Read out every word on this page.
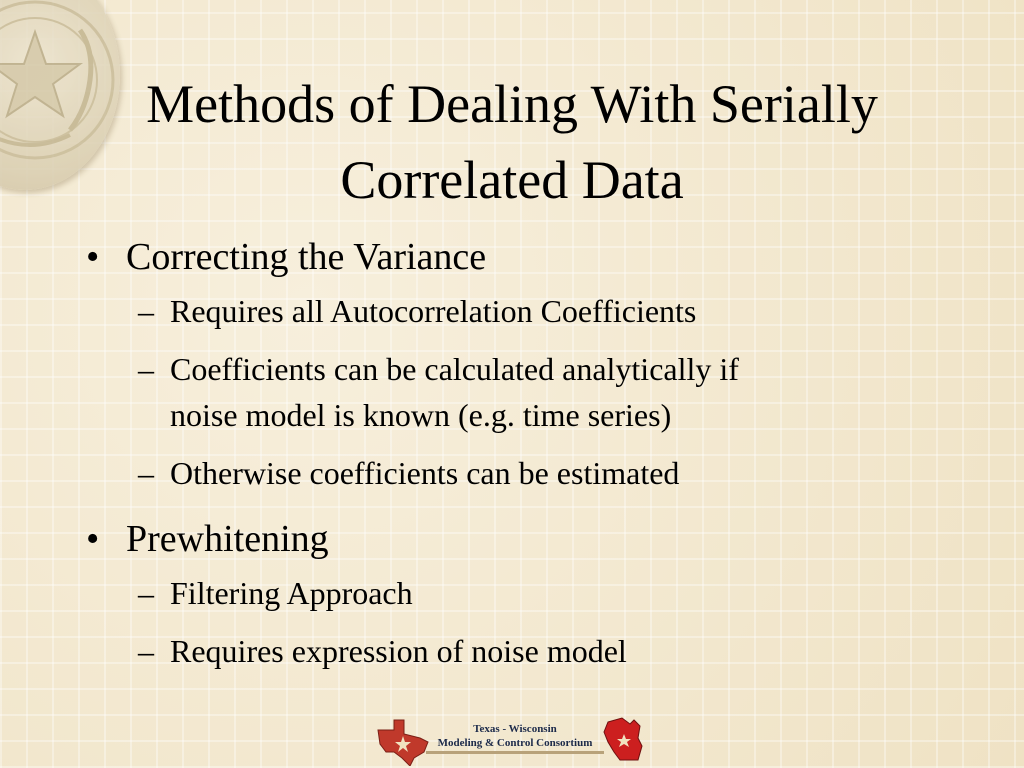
Methods of Dealing With Serially
Correlated Data
• Correcting the Variance
– Requires all Autocorrelation Coefficients
– Coefficients can be calculated analytically if
noise model is known (e.g. time series)
– Otherwise coefficients can be estimated
• Prewhitening
– Filtering Approach
– Requires expression of noise model
Texas - Wisconsin
Modeling & Control Consortium
